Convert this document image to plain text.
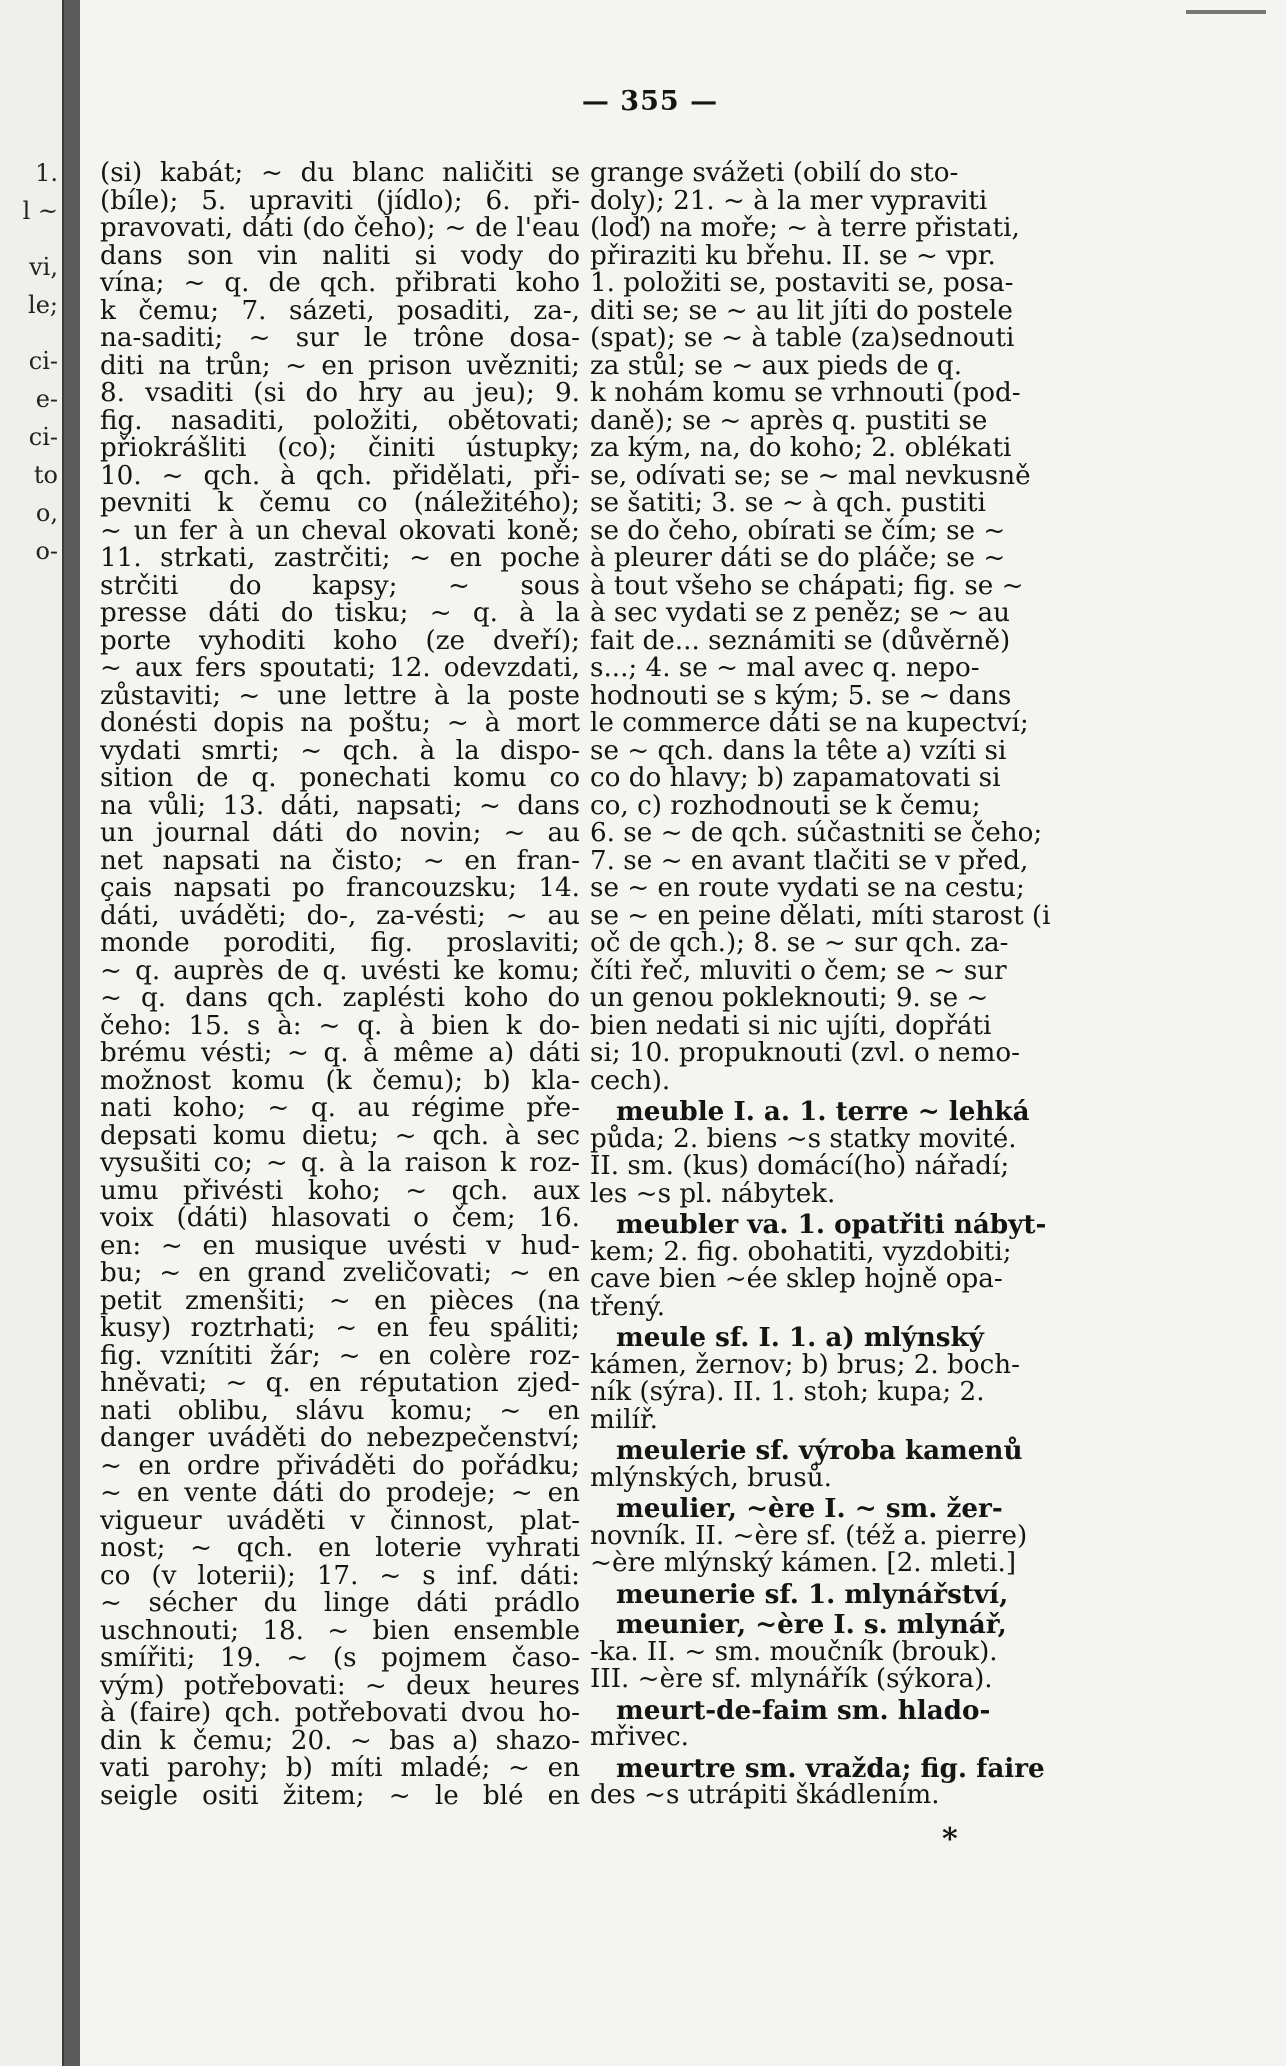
1.
l ~
vi,
le;
ci-
e-
ci-
to
o,
o-
— 355 —
(si) kabát; ~ du blanc naličiti se
(bíle); 5. upraviti (jídlo); 6. při-
pravovati, dáti (do čeho); ~ de l'eau
dans son vin naliti si vody do
vína; ~ q. de qch. přibrati koho
k čemu; 7. sázeti, posaditi, za-,
na-saditi; ~ sur le trône dosa-
diti na trůn; ~ en prison uvězniti;
8. vsaditi (si do hry au jeu); 9.
fig. nasaditi, položiti, obětovati;
přiokrášliti (co); činiti ústupky;
10. ~ qch. à qch. přidělati, při-
pevniti k čemu co (náležitého);
~ un fer à un cheval okovati koně;
11. strkati, zastrčiti; ~ en poche
strčiti do kapsy; ~ sous
presse dáti do tisku; ~ q. à la
porte vyhoditi koho (ze dveří);
~ aux fers spoutati; 12. odevzdati,
zůstaviti; ~ une lettre à la poste
donésti dopis na poštu; ~ à mort
vydati smrti; ~ qch. à la dispo-
sition de q. ponechati komu co
na vůli; 13. dáti, napsati; ~ dans
un journal dáti do novin; ~ au
net napsati na čisto; ~ en fran-
çais napsati po francouzsku; 14.
dáti, uváděti; do-, za-vésti; ~ au
monde poroditi, fig. proslaviti;
~ q. auprès de q. uvésti ke komu;
~ q. dans qch. zaplésti koho do
čeho: 15. s à: ~ q. à bien k do-
brému vésti; ~ q. à même a) dáti
možnost komu (k čemu); b) kla-
nati koho; ~ q. au régime pře-
depsati komu dietu; ~ qch. à sec
vysušiti co; ~ q. à la raison k roz-
umu přivésti koho; ~ qch. aux
voix (dáti) hlasovati o čem; 16.
en: ~ en musique uvésti v hud-
bu; ~ en grand zveličovati; ~ en
petit zmenšiti; ~ en pièces (na
kusy) roztrhati; ~ en feu spáliti;
fig. vznítiti žár; ~ en colère roz-
hněvati; ~ q. en réputation zjed-
nati oblibu, slávu komu; ~ en
danger uváděti do nebezpečenství;
~ en ordre přiváděti do pořádku;
~ en vente dáti do prodeje; ~ en
vigueur uváděti v činnost, plat-
nost; ~ qch. en loterie vyhrati
co (v loterii); 17. ~ s inf. dáti:
~ sécher du linge dáti prádlo
uschnouti; 18. ~ bien ensemble
smířiti; 19. ~ (s pojmem časo-
vým) potřebovati: ~ deux heures
à (faire) qch. potřebovati dvou ho-
din k čemu; 20. ~ bas a) shazo-
vati parohy; b) míti mladé; ~ en
seigle ositi žitem; ~ le blé en
grange svážeti (obilí do sto-
doly); 21. ~ à la mer vypraviti
(loď) na moře; ~ à terre přistati,
přiraziti ku břehu. II. se ~ vpr.
1. položiti se, postaviti se, posa-
diti se; se ~ au lit jíti do postele
(spat); se ~ à table (za)sednouti
za stůl; se ~ aux pieds de q.
k nohám komu se vrhnouti (pod-
daně); se ~ après q. pustiti se
za kým, na, do koho; 2. oblékati
se, odívati se; se ~ mal nevkusně
se šatiti; 3. se ~ à qch. pustiti
se do čeho, obírati se čím; se ~
à pleurer dáti se do pláče; se ~
à tout všeho se chápati; fig. se ~
à sec vydati se z peněz; se ~ au
fait de... seznámiti se (důvěrně)
s...; 4. se ~ mal avec q. nepo-
hodnouti se s kým; 5. se ~ dans
le commerce dáti se na kupectví;
se ~ qch. dans la tête a) vzíti si
co do hlavy; b) zapamatovati si
co, c) rozhodnouti se k čemu;
6. se ~ de qch. súčastniti se čeho;
7. se ~ en avant tlačiti se v před,
se ~ en route vydati se na cestu;
se ~ en peine dělati, míti starost (i
oč de qch.); 8. se ~ sur qch. za-
číti řeč, mluviti o čem; se ~ sur
un genou pokleknouti; 9. se ~
bien nedati si nic ujíti, dopřáti
si; 10. propuknouti (zvl. o nemo-
cech).
meuble I. a. 1. terre ~ lehká
půda; 2. biens ~s statky movité.
II. sm. (kus) domácí(ho) nářadí;
les ~s pl. nábytek.
meubler va. 1. opatřiti nábyt-
kem; 2. fig. obohatiti, vyzdobiti;
cave bien ~ée sklep hojně opa-
třený.
meule sf. I. 1. a) mlýnský
kámen, žernov; b) brus; 2. boch-
ník (sýra). II. 1. stoh; kupa; 2.
milíř.
meulerie sf. výroba kamenů
mlýnských, brusů.
meulier, ~ère I. ~ sm. žer-
novník. II. ~ère sf. (též a. pierre)
~ère mlýnský kámen. [2. mleti.]
meunerie sf. 1. mlynářství,
meunier, ~ère I. s. mlynář,
-ka. II. ~ sm. moučník (brouk).
III. ~ère sf. mlynářík (sýkora).
meurt-de-faim sm. hlado-
mřivec.
meurtre sm. vražda; fig. faire
des ~s utrápiti škádlením.
*
